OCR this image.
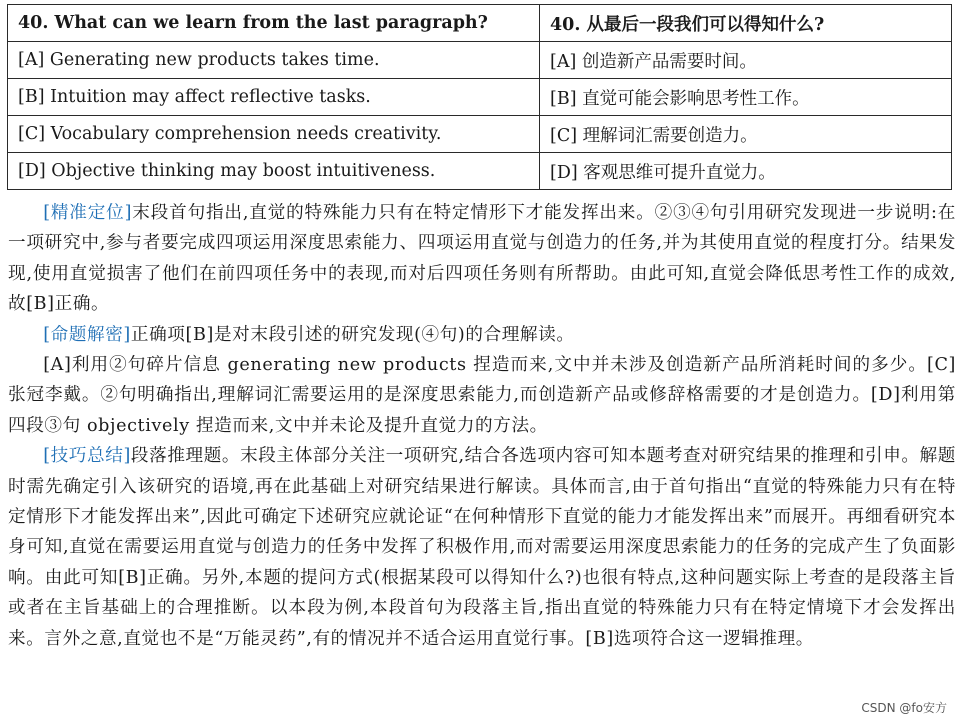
40. What can we learn from the last paragraph?	40. 从最后一段我们可以得知什么?
[A] Generating new products takes time.	[A] 创造新产品需要时间。
[B] Intuition may affect reflective tasks.	[B] 直觉可能会影响思考性工作。
[C] Vocabulary comprehension needs creativity.	[C] 理解词汇需要创造力。
[D] Objective thinking may boost intuitiveness.	[D] 客观思维可提升直觉力。

[精准定位]末段首句指出,直觉的特殊能力只有在特定情形下才能发挥出来。②③④句引用研究发现进一步说明:在一项研究中,参与者要完成四项运用深度思索能力、四项运用直觉与创造力的任务,并为其使用直觉的程度打分。结果发现,使用直觉损害了他们在前四项任务中的表现,而对后四项任务则有所帮助。由此可知,直觉会降低思考性工作的成效,故[B]正确。

[命题解密]正确项[B]是对末段引述的研究发现(④句)的合理解读。

[A]利用②句碎片信息 generating new products 捏造而来,文中并未涉及创造新产品所消耗时间的多少。[C]张冠李戴。②句明确指出,理解词汇需要运用的是深度思索能力,而创造新产品或修辞格需要的才是创造力。[D]利用第四段③句 objectively 捏造而来,文中并未论及提升直觉力的方法。

[技巧总结]段落推理题。末段主体部分关注一项研究,结合各选项内容可知本题考查对研究结果的推理和引申。解题时需先确定引入该研究的语境,再在此基础上对研究结果进行解读。具体而言,由于首句指出“直觉的特殊能力只有在特定情形下才能发挥出来”,因此可确定下述研究应就论证“在何种情形下直觉的能力才能发挥出来”而展开。再细看研究本身可知,直觉在需要运用直觉与创造力的任务中发挥了积极作用,而对需要运用深度思索能力的任务的完成产生了负面影响。由此可知[B]正确。另外,本题的提问方式(根据某段可以得知什么?)也很有特点,这种问题实际上考查的是段落主旨或者在主旨基础上的合理推断。以本段为例,本段首句为段落主旨,指出直觉的特殊能力只有在特定情境下才会发挥出来。言外之意,直觉也不是“万能灵药”,有的情况并不适合运用直觉行事。[B]选项符合这一逻辑推理。

CSDN @fo安方
